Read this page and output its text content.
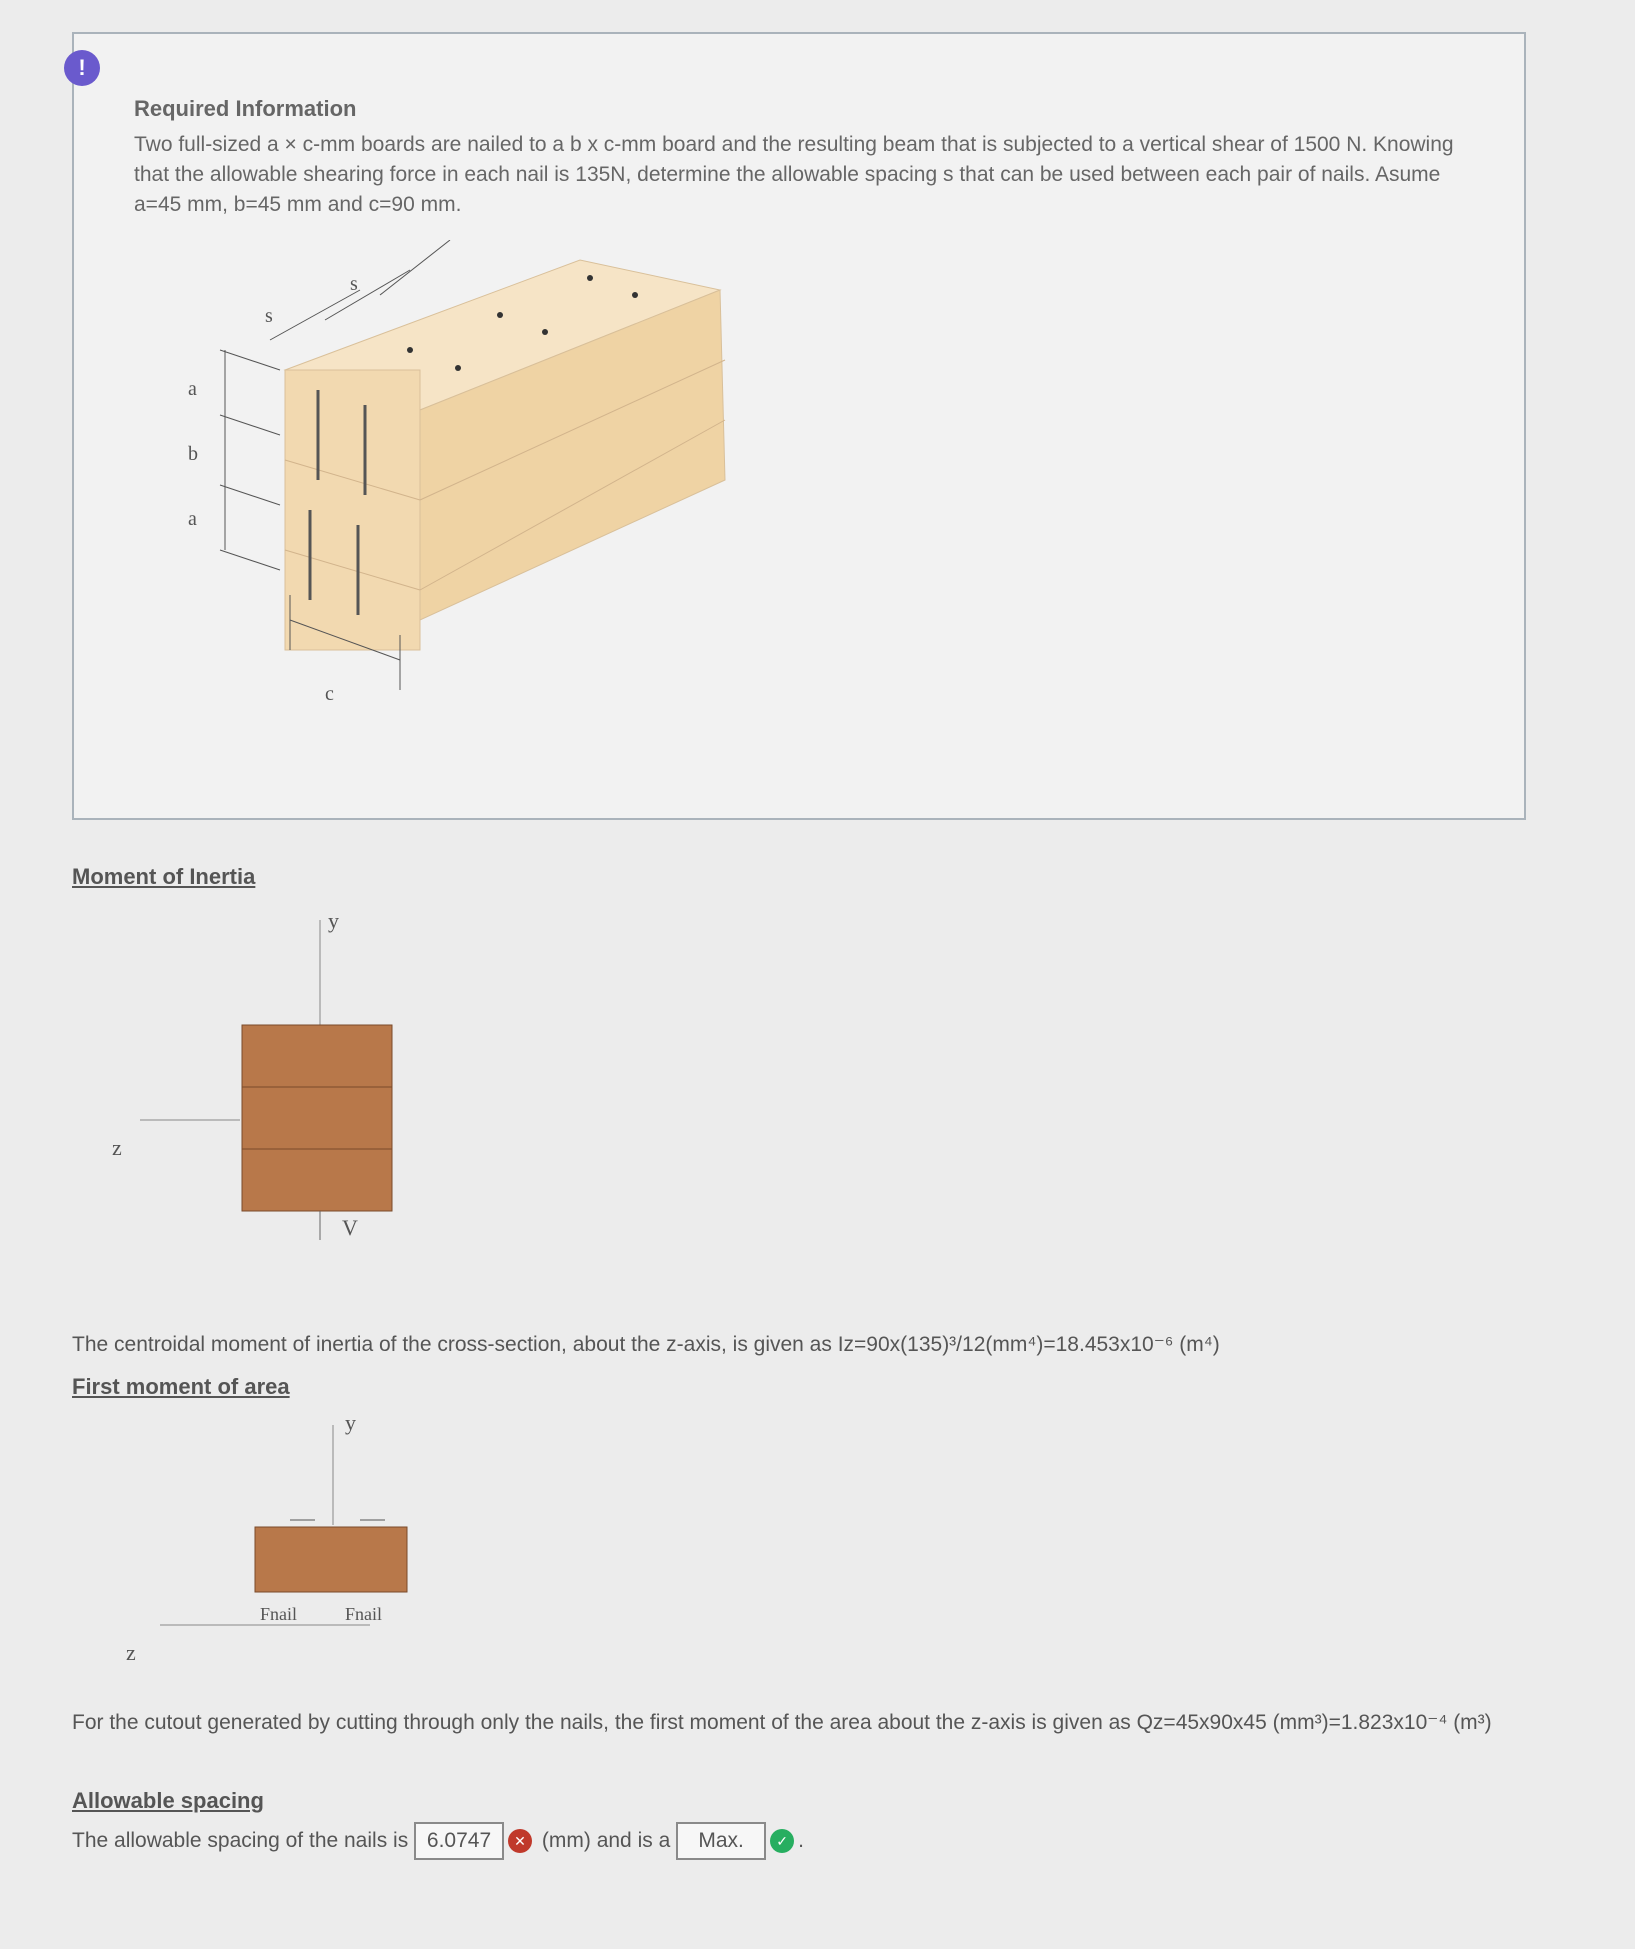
!
Required Information
Two full-sized a × c-mm boards are nailed to a b x c-mm board and the resulting beam that is subjected to a vertical shear of 1500 N. Knowing that the allowable shearing force in each nail is 135N, determine the allowable spacing s that can be used between each pair of nails. Asume a=45 mm, b=45 mm and c=90 mm.
s
s
a
b
a
c
Moment of Inertia
y
z
V
The centroidal moment of inertia of the cross-section, about the z-axis, is given as Iz=90x(135)³/12(mm⁴)=18.453x10⁻⁶ (m⁴)
First moment of area
y
z
Fnail	Fnail
For the cutout generated by cutting through only the nails, the first moment of the area about the z-axis is given as Qz=45x90x45 (mm³)=1.823x10⁻⁴ (m³)
Allowable spacing
The allowable spacing of the nails is 6.0747 ✕ (mm) and is a Max. ✓ .
